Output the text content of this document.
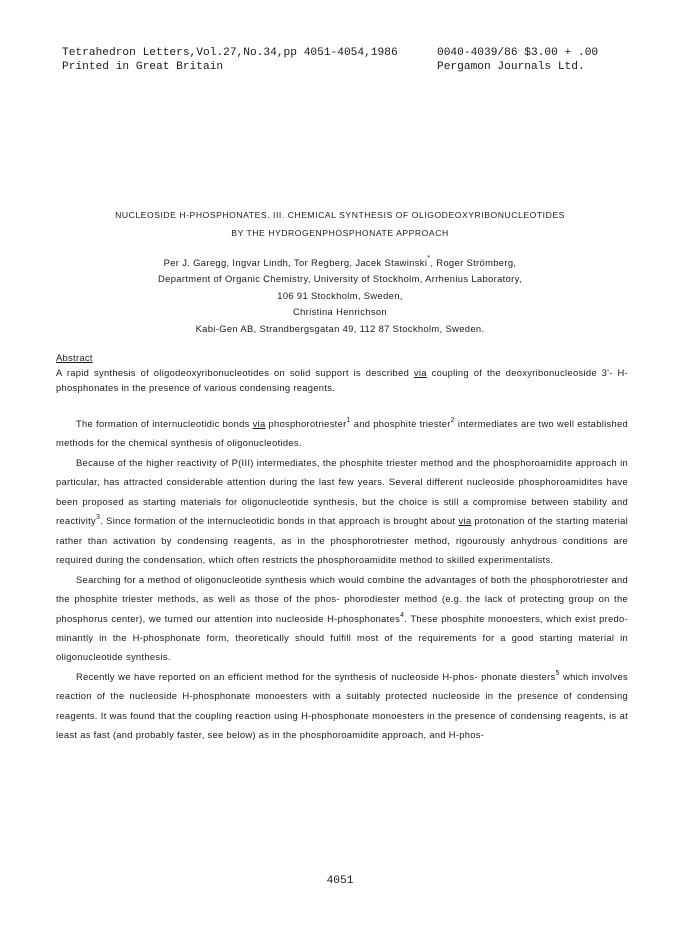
Tetrahedron Letters,Vol.27,No.34,pp 4051-4054,1986	0040-4039/86 $3.00 + .00
Printed in Great Britain	Pergamon Journals Ltd.
NUCLEOSIDE H-PHOSPHONATES. III. CHEMICAL SYNTHESIS OF OLIGODEOXYRIBONUCLEOTIDES
BY THE HYDROGENPHOSPHONATE APPROACH
Per J. Garegg, Ingvar Lindh, Tor Regberg, Jacek Stawinski*, Roger Strömberg,
Department of Organic Chemistry, University of Stockholm, Arrhenius Laboratory,
106 91 Stockholm, Sweden,
Christina Henrichson
Kabi-Gen AB, Strandbergsgatan 49, 112 87 Stockholm, Sweden.
Abstract
A rapid synthesis of oligodeoxyribonucleotides on solid support is described via coupling of the deoxyribonucleoside 3'- H-phosphonates in the presence of various condensing reagents.
The formation of internucleotidic bonds via phosphorotriester$^1$ and phosphite triester$^2$ intermediates are two well established methods for the chemical synthesis of oligonucleotides.
Because of the higher reactivity of P(III) intermediates, the phosphite triester method and the phosphoroamidite approach in particular, has attracted considerable attention during the last few years. Several different nucleoside phosphoroamidites have been proposed as starting materials for oligonucleotide synthesis, but the choice is still a compromise between stability and reactivity$^3$. Since formation of the internucleotidic bonds in that approach is brought about via protonation of the starting material rather than activation by condensing reagents, as in the phosphorotriester method, rigourously anhydrous conditions are required during the condensation, which often restricts the phosphoroamidite method to skilled experimentalists.
Searching for a method of oligonucleotide synthesis which would combine the advantages of both the phosphorotriester and the phosphite triester methods, as well as those of the phos- phorodiester method (e.g. the lack of protecting group on the phosphorus center), we turned our attention into nucleoside H-phosphonates$^4$. These phosphite monoesters, which exist predo- minantly in the H-phosphonate form, theoretically should fulfill most of the requirements for a good starting material in oligonucleotide synthesis.
Recently we have reported on an efficient method for the synthesis of nucleoside H-phos- phonate diesters$^5$ which involves reaction of the nucleoside H-phosphonate monoesters with a suitably protected nucleoside in the presence of condensing reagents. It was found that the coupling reaction using H-phosphonate monoesters in the presence of condensing reagents, is at least as fast (and probably faster, see below) as in the phosphoroamidite approach, and H-phos-
4051
